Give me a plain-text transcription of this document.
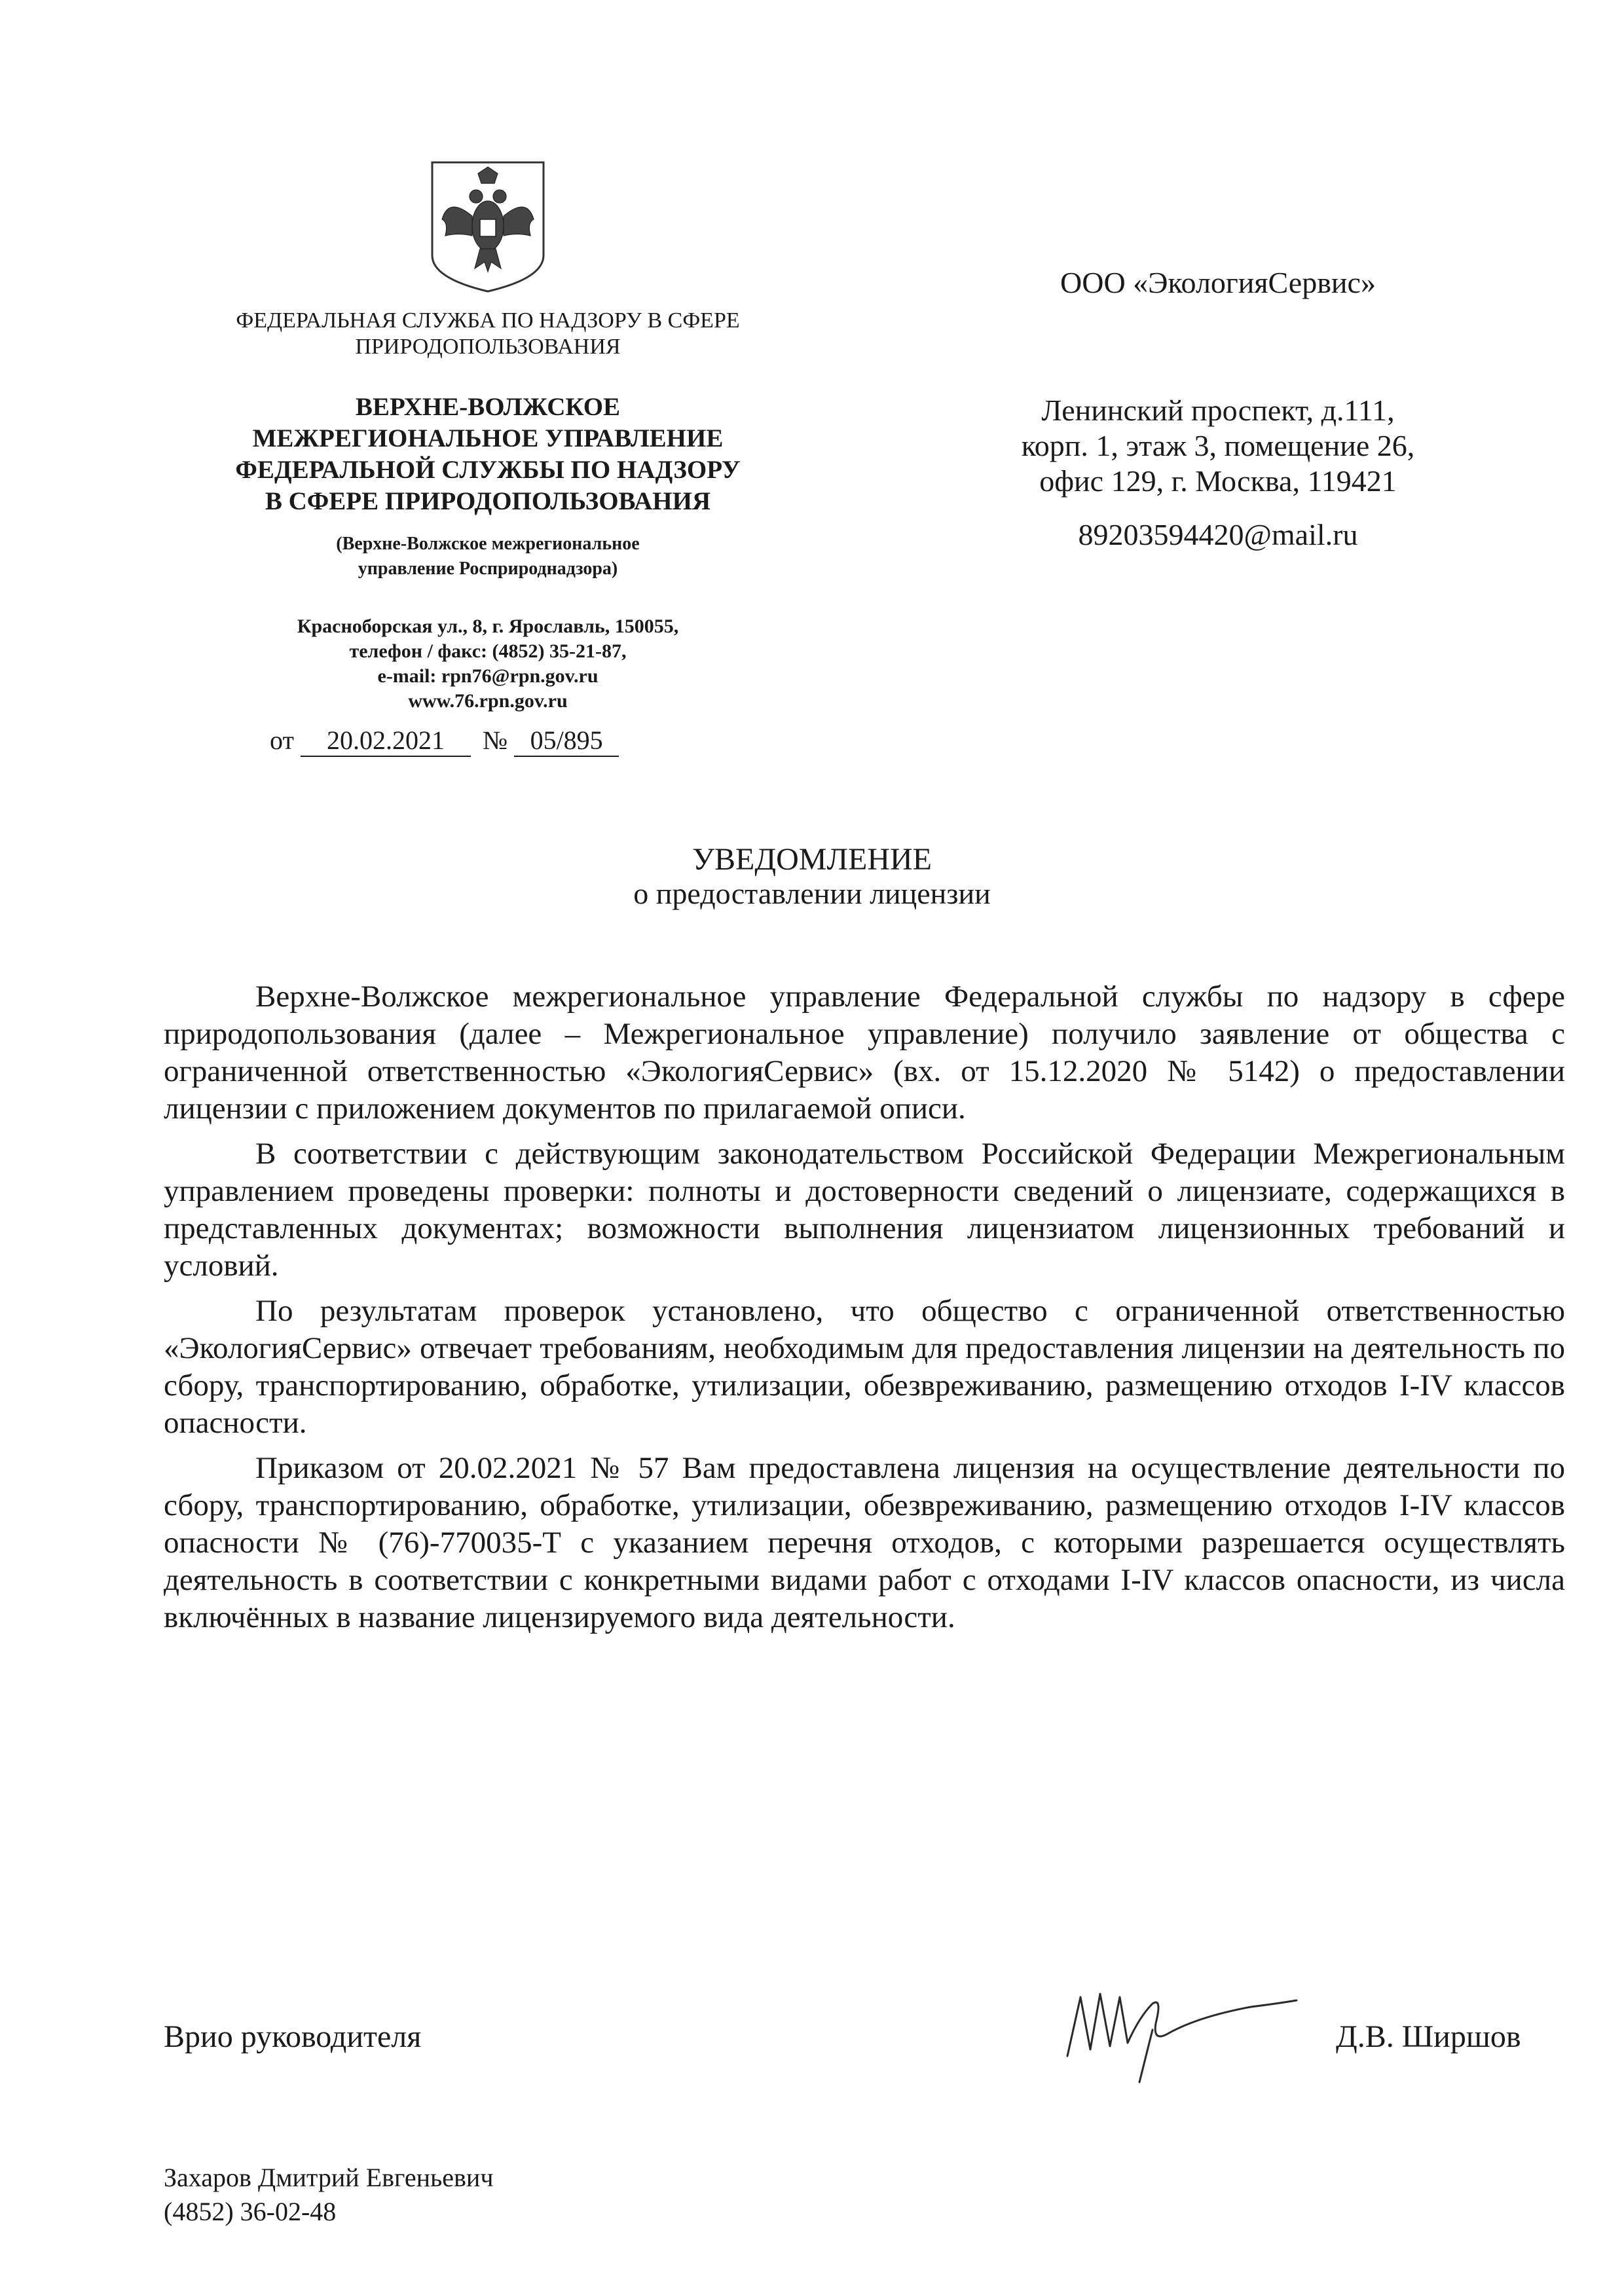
ФЕДЕРАЛЬНАЯ СЛУЖБА ПО НАДЗОРУ В СФЕРЕ ПРИРОДОПОЛЬЗОВАНИЯ
ВЕРХНЕ-ВОЛЖСКОЕ
МЕЖРЕГИОНАЛЬНОЕ УПРАВЛЕНИЕ
ФЕДЕРАЛЬНОЙ СЛУЖБЫ ПО НАДЗОРУ
В СФЕРЕ ПРИРОДОПОЛЬЗОВАНИЯ
(Верхне-Волжское межрегиональное
управление Росприроднадзора)
Красноборская ул., 8, г. Ярославль, 150055,
телефон / факс: (4852) 35-21-87,
e-mail: rpn76@rpn.gov.ru
www.76.rpn.gov.ru
от 20.02.2021 № 05/895
ООО «ЭкологияСервис»
Ленинский проспект, д.111,
корп. 1, этаж 3, помещение 26,
офис 129, г. Москва, 119421
89203594420@mail.ru
УВЕДОМЛЕНИЕ
о предоставлении лицензии

Верхне-Волжское межрегиональное управление Федеральной службы по надзору в сфере природопользования (далее – Межрегиональное управление) получило заявление от общества с ограниченной ответственностью «ЭкологияСервис» (вх. от 15.12.2020 № 5142) о предоставлении лицензии с приложением документов по прилагаемой описи.

В соответствии с действующим законодательством Российской Федерации Межрегиональным управлением проведены проверки: полноты и достоверности сведений о лицензиате, содержащихся в представленных документах; возможности выполнения лицензиатом лицензионных требований и условий.

По результатам проверок установлено, что общество с ограниченной ответственностью «ЭкологияСервис» отвечает требованиям, необходимым для предоставления лицензии на деятельность по сбору, транспортированию, обработке, утилизации, обезвреживанию, размещению отходов I-IV классов опасности.

Приказом от 20.02.2021 № 57 Вам предоставлена лицензия на осуществление деятельности по сбору, транспортированию, обработке, утилизации, обезвреживанию, размещению отходов I-IV классов опасности № (76)-770035-Т с указанием перечня отходов, с которыми разрешается осуществлять деятельность в соответствии с конкретными видами работ с отходами I-IV классов опасности, из числа включённых в название лицензируемого вида деятельности.

Врио руководителя	Д.В. Ширшов
Захаров Дмитрий Евгеньевич
(4852) 36-02-48
